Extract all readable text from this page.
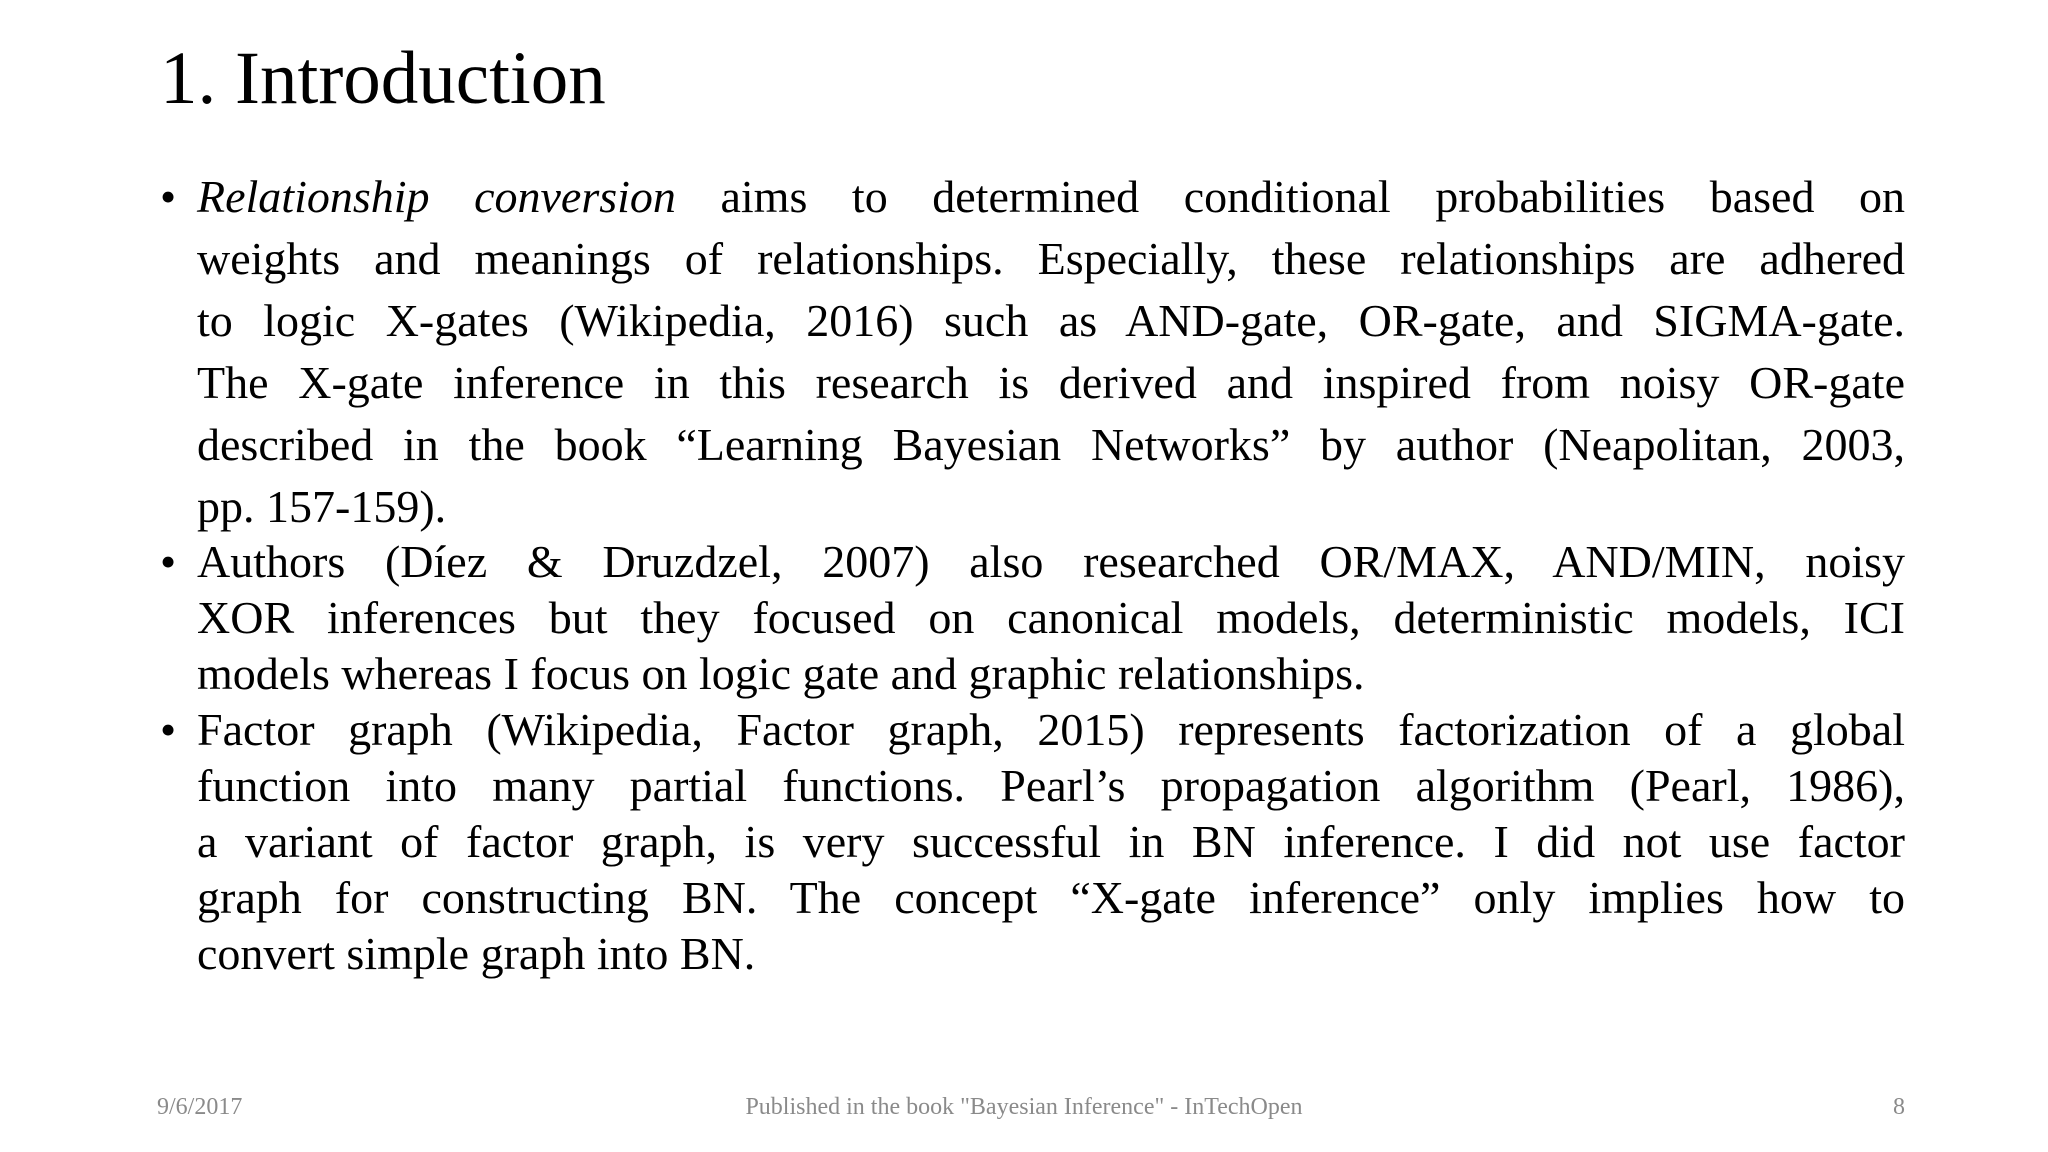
1. Introduction
• Relationship conversion aims to determined conditional probabilities based on
weights and meanings of relationships. Especially, these relationships are adhered
to logic X-gates (Wikipedia, 2016) such as AND-gate, OR-gate, and SIGMA-gate.
The X-gate inference in this research is derived and inspired from noisy OR-gate
described in the book “Learning Bayesian Networks” by author (Neapolitan, 2003,
pp. 157-159).
• Authors (Díez & Druzdzel, 2007) also researched OR/MAX, AND/MIN, noisy
XOR inferences but they focused on canonical models, deterministic models, ICI
models whereas I focus on logic gate and graphic relationships.
• Factor graph (Wikipedia, Factor graph, 2015) represents factorization of a global
function into many partial functions. Pearl’s propagation algorithm (Pearl, 1986),
a variant of factor graph, is very successful in BN inference. I did not use factor
graph for constructing BN. The concept “X-gate inference” only implies how to
convert simple graph into BN.
9/6/2017	Published in the book "Bayesian Inference" - InTechOpen	8
